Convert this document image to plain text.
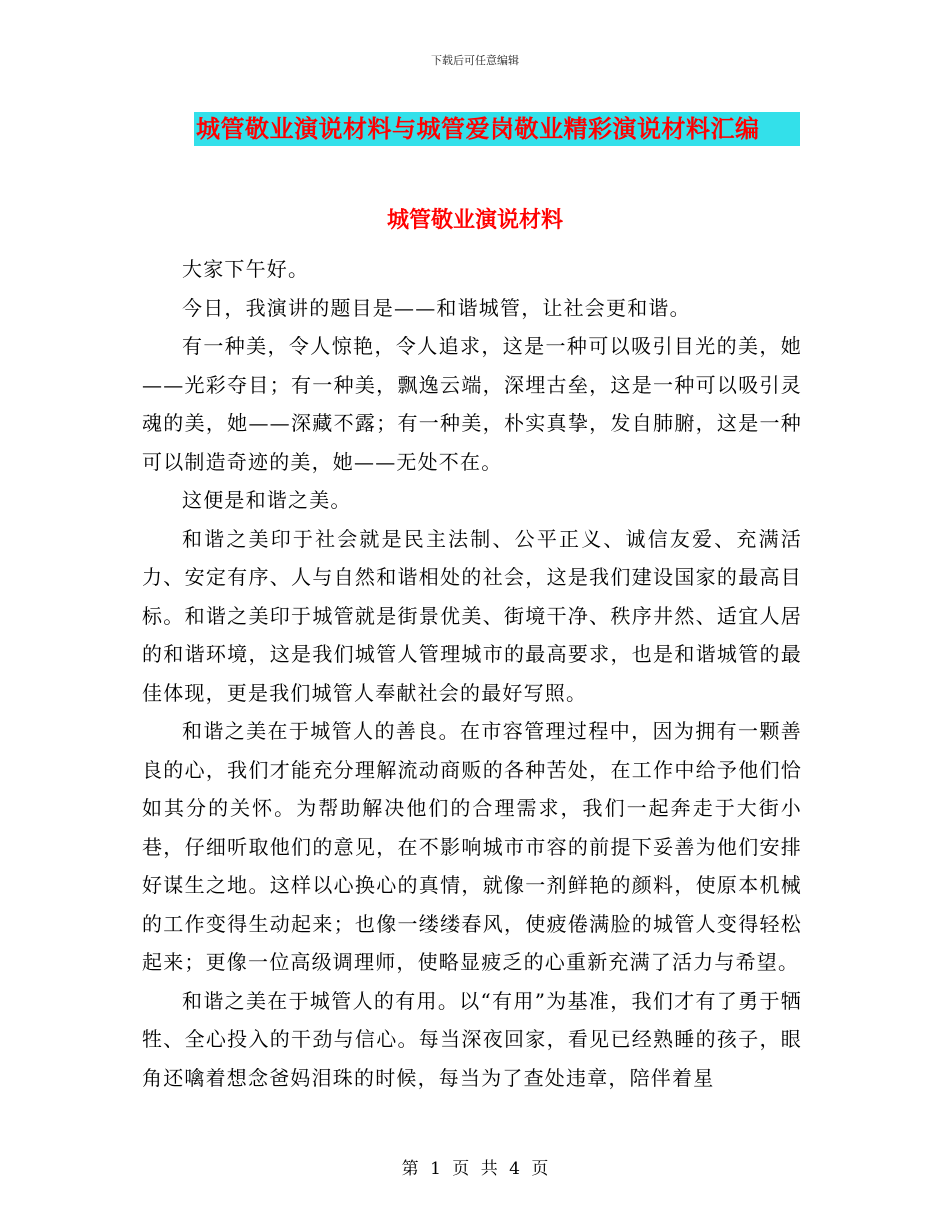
下载后可任意编辑
城管敬业演说材料与城管爱岗敬业精彩演说材料汇编
城管敬业演说材料

大家下午好。

今日，我演讲的题目是——和谐城管，让社会更和谐。

有一种美，令人惊艳，令人追求，这是一种可以吸引目光的美，她——光彩夺目；有一种美，飘逸云端，深埋古垒，这是一种可以吸引灵魂的美，她——深藏不露；有一种美，朴实真挚，发自肺腑，这是一种可以制造奇迹的美，她——无处不在。

这便是和谐之美。

和谐之美印于社会就是民主法制、公平正义、诚信友爱、充满活力、安定有序、人与自然和谐相处的社会，这是我们建设国家的最高目标。和谐之美印于城管就是街景优美、街境干净、秩序井然、适宜人居的和谐环境，这是我们城管人管理城市的最高要求，也是和谐城管的最佳体现，更是我们城管人奉献社会的最好写照。

和谐之美在于城管人的善良。在市容管理过程中，因为拥有一颗善良的心，我们才能充分理解流动商贩的各种苦处，在工作中给予他们恰如其分的关怀。为帮助解决他们的合理需求，我们一起奔走于大街小巷，仔细听取他们的意见，在不影响城市市容的前提下妥善为他们安排好谋生之地。这样以心换心的真情，就像一剂鲜艳的颜料，使原本机械的工作变得生动起来；也像一缕缕春风，使疲倦满脸的城管人变得轻松起来；更像一位高级调理师，使略显疲乏的心重新充满了活力与希望。

和谐之美在于城管人的有用。以“有用”为基准，我们才有了勇于牺牲、全心投入的干劲与信心。每当深夜回家，看见已经熟睡的孩子，眼角还噙着想念爸妈泪珠的时候，每当为了查处违章，陪伴着星

第 1 页 共 4 页
